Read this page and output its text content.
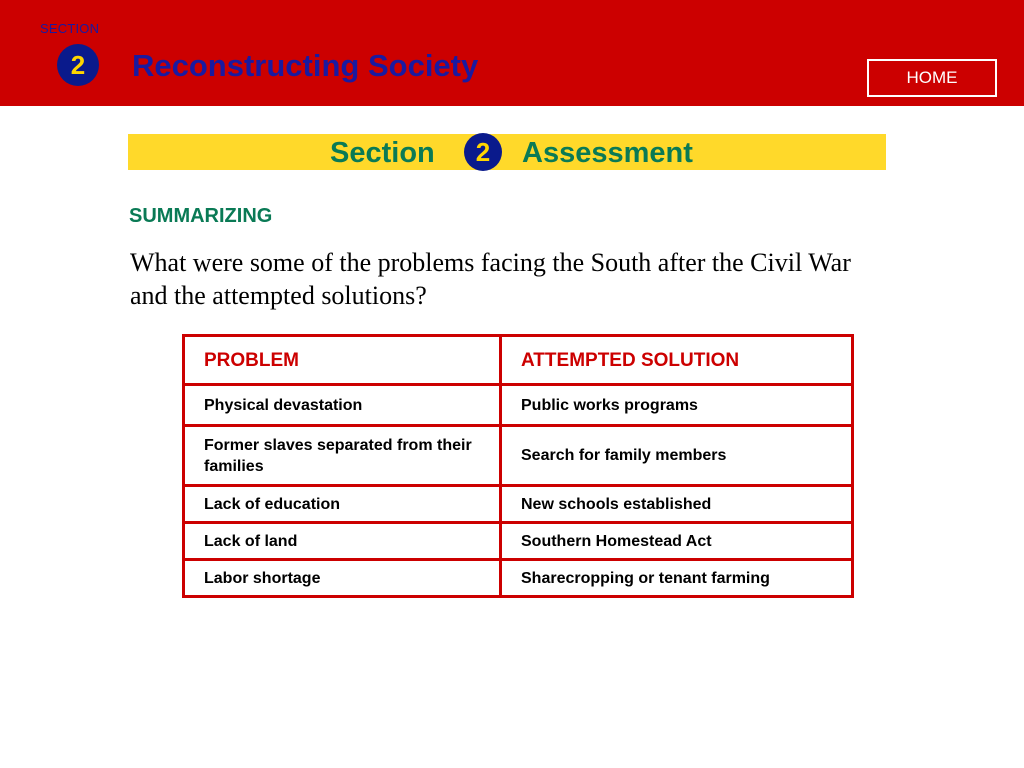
SECTION
2	Reconstructing Society	HOME
Section	2	Assessment
SUMMARIZING
What were some of the problems facing the South after the Civil War and the attempted solutions?
PROBLEM	ATTEMPTED SOLUTION
Physical devastation	Public works programs
Former slaves separated from their families	Search for family members
Lack of education	New schools established
Lack of land	Southern Homestead Act
Labor shortage	Sharecropping or tenant farming
